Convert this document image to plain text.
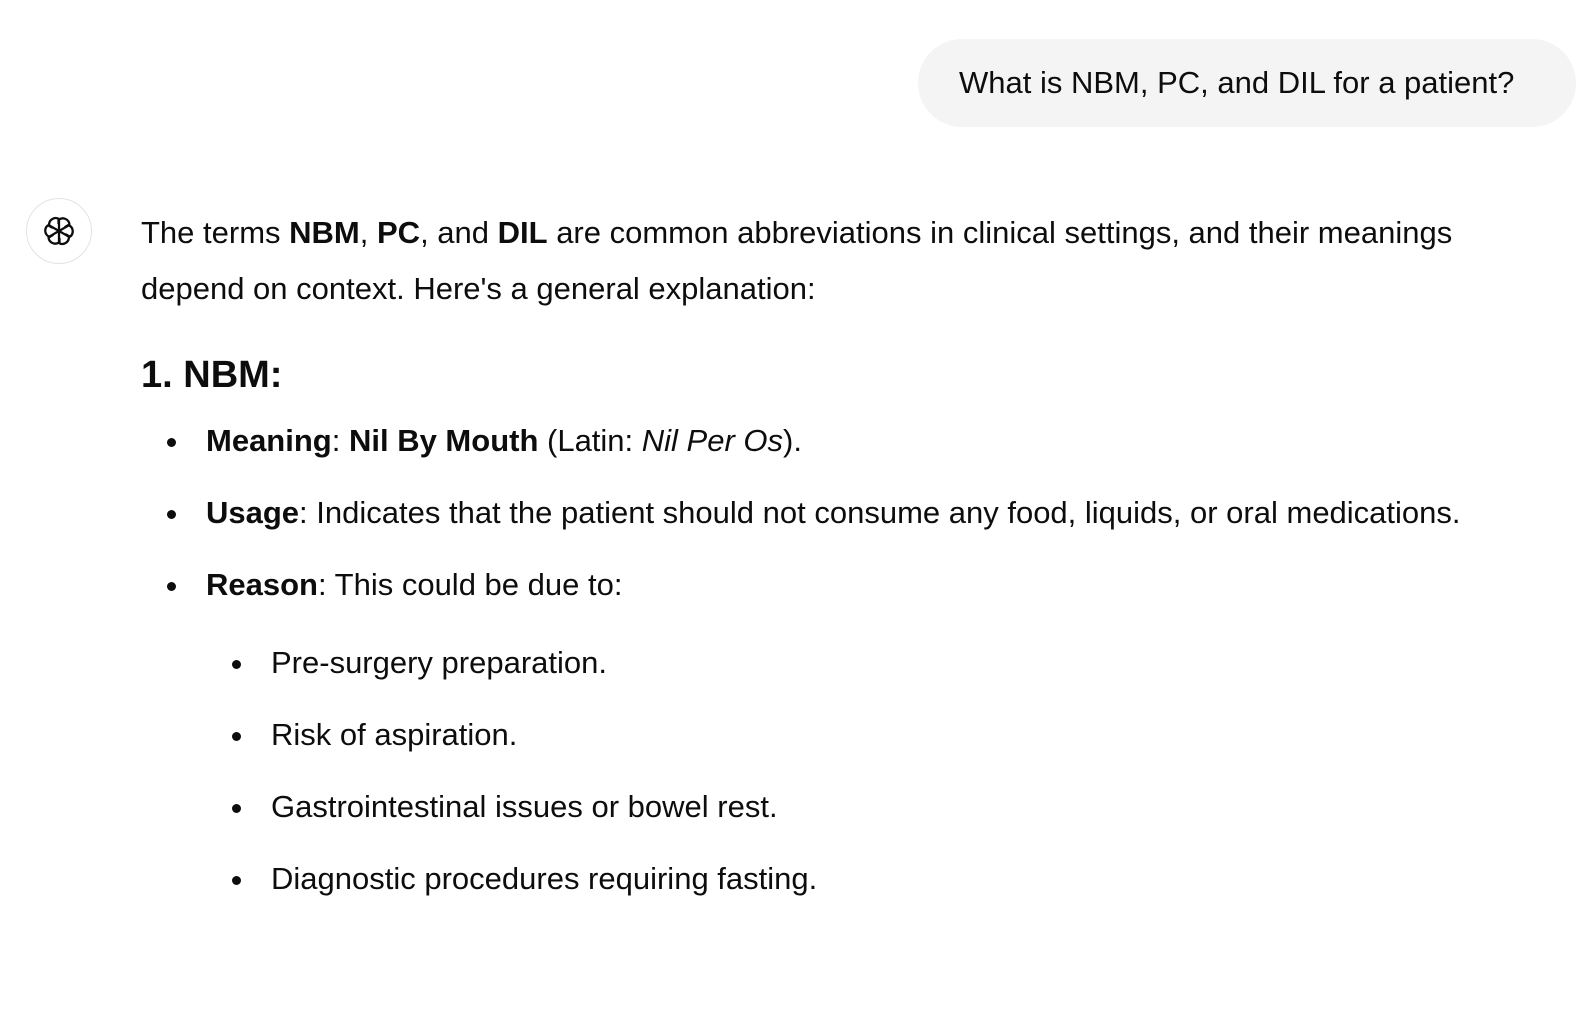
What is NBM, PC, and DIL for a patient?

The terms NBM, PC, and DIL are common abbreviations in clinical settings, and their meanings depend on context. Here's a general explanation:

1. NBM:
Meaning: Nil By Mouth (Latin: Nil Per Os).
Usage: Indicates that the patient should not consume any food, liquids, or oral medications.
Reason: This could be due to:
Pre-surgery preparation.
Risk of aspiration.
Gastrointestinal issues or bowel rest.
Diagnostic procedures requiring fasting.
